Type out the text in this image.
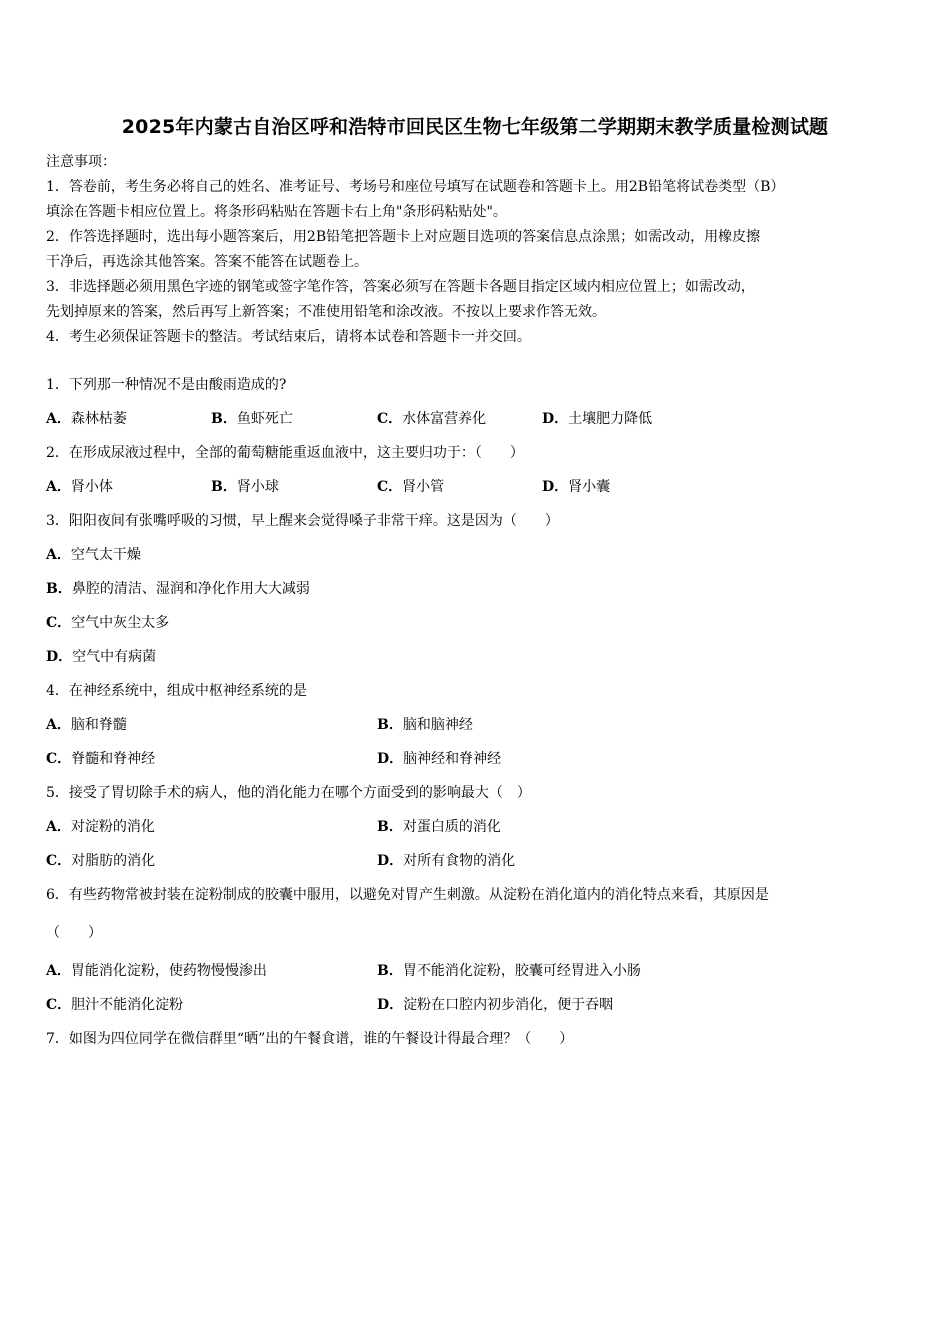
2025年内蒙古自治区呼和浩特市回民区生物七年级第二学期期末教学质量检测试题
注意事项：
1．答卷前，考生务必将自己的姓名、准考证号、考场号和座位号填写在试题卷和答题卡上。用2B铅笔将试卷类型（B）
填涂在答题卡相应位置上。将条形码粘贴在答题卡右上角"条形码粘贴处"。
2．作答选择题时，选出每小题答案后，用2B铅笔把答题卡上对应题目选项的答案信息点涂黑；如需改动，用橡皮擦
干净后，再选涂其他答案。答案不能答在试题卷上。
3．非选择题必须用黑色字迹的钢笔或签字笔作答，答案必须写在答题卡各题目指定区域内相应位置上；如需改动，
先划掉原来的答案，然后再写上新答案；不准使用铅笔和涂改液。不按以上要求作答无效。
4．考生必须保证答题卡的整洁。考试结束后，请将本试卷和答题卡一并交回。
1．下列那一种情况不是由酸雨造成的?
A．森林枯萎	B．鱼虾死亡	C．水体富营养化	D．土壤肥力降低
2．在形成尿液过程中，全部的葡萄糖能重返血液中，这主要归功于：（　　）
A．肾小体	B．肾小球	C．肾小管	D．肾小囊
3．阳阳夜间有张嘴呼吸的习惯，早上醒来会觉得嗓子非常干痒。这是因为（　　）
A．空气太干燥
B．鼻腔的清洁、湿润和净化作用大大减弱
C．空气中灰尘太多
D．空气中有病菌
4．在神经系统中，组成中枢神经系统的是
A．脑和脊髓	B．脑和脑神经
C．脊髓和脊神经	D．脑神经和脊神经
5．接受了胃切除手术的病人，他的消化能力在哪个方面受到的影响最大（　）
A．对淀粉的消化	B．对蛋白质的消化
C．对脂肪的消化	D．对所有食物的消化
6．有些药物常被封装在淀粉制成的胶囊中服用，以避免对胃产生刺激。从淀粉在消化道内的消化特点来看，其原因是
（　　）
A．胃能消化淀粉，使药物慢慢渗出	B．胃不能消化淀粉，胶囊可经胃进入小肠
C．胆汁不能消化淀粉	D．淀粉在口腔内初步消化，便于吞咽
7．如图为四位同学在微信群里“晒”出的午餐食谱，谁的午餐设计得最合理？（　　）
